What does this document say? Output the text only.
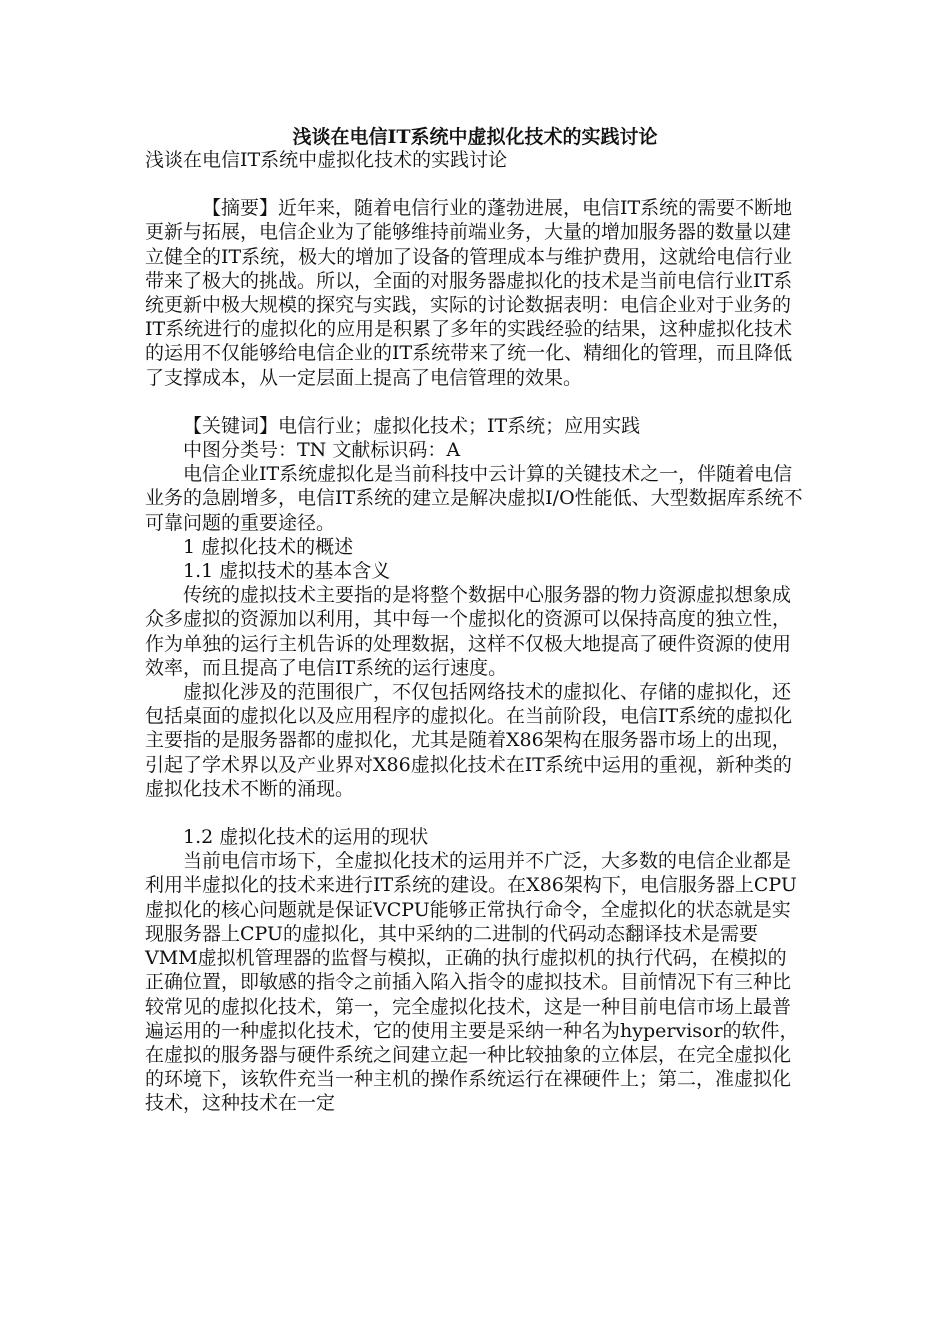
浅谈在电信IT系统中虚拟化技术的实践讨论

浅谈在电信IT系统中虚拟化技术的实践讨论

【摘要】近年来，随着电信行业的蓬勃进展，电信IT系统的需要不断地更新与拓展，电信企业为了能够维持前端业务，大量的增加服务器的数量以建立健全的IT系统，极大的增加了设备的管理成本与维护费用，这就给电信行业带来了极大的挑战。所以，全面的对服务器虚拟化的技术是当前电信行业IT系统更新中极大规模的探究与实践，实际的讨论数据表明：电信企业对于业务的IT系统进行的虚拟化的应用是积累了多年的实践经验的结果，这种虚拟化技术的运用不仅能够给电信企业的IT系统带来了统一化、精细化的管理，而且降低了支撑成本，从一定层面上提高了电信管理的效果。

【关键词】电信行业；虚拟化技术；IT系统；应用实践

中图分类号：TN 文献标识码：A

电信企业IT系统虚拟化是当前科技中云计算的关键技术之一，伴随着电信业务的急剧增多，电信IT系统的建立是解决虚拟I/O性能低、大型数据库系统不可靠问题的重要途径。

1 虚拟化技术的概述

1.1 虚拟技术的基本含义

传统的虚拟技术主要指的是将整个数据中心服务器的物力资源虚拟想象成众多虚拟的资源加以利用，其中每一个虚拟化的资源可以保持高度的独立性，作为单独的运行主机告诉的处理数据，这样不仅极大地提高了硬件资源的使用效率，而且提高了电信IT系统的运行速度。

虚拟化涉及的范围很广，不仅包括网络技术的虚拟化、存储的虚拟化，还包括桌面的虚拟化以及应用程序的虚拟化。在当前阶段，电信IT系统的虚拟化主要指的是服务器都的虚拟化，尤其是随着X86架构在服务器市场上的出现，引起了学术界以及产业界对X86虚拟化技术在IT系统中运用的重视，新种类的虚拟化技术不断的涌现。

1.2 虚拟化技术的运用的现状

当前电信市场下，全虚拟化技术的运用并不广泛，大多数的电信企业都是利用半虚拟化的技术来进行IT系统的建设。在X86架构下，电信服务器上CPU虚拟化的核心问题就是保证VCPU能够正常执行命令，全虚拟化的状态就是实现服务器上CPU的虚拟化，其中采纳的二进制的代码动态翻译技术是需要VMM虚拟机管理器的监督与模拟，正确的执行虚拟机的执行代码，在模拟的正确位置，即敏感的指令之前插入陷入指令的虚拟技术。目前情况下有三种比较常见的虚拟化技术，第一，完全虚拟化技术，这是一种目前电信市场上最普遍运用的一种虚拟化技术，它的使用主要是采纳一种名为hypervisor的软件，在虚拟的服务器与硬件系统之间建立起一种比较抽象的立体层，在完全虚拟化的环境下，该软件充当一种主机的操作系统运行在裸硬件上；第二，准虚拟化技术，这种技术在一定
